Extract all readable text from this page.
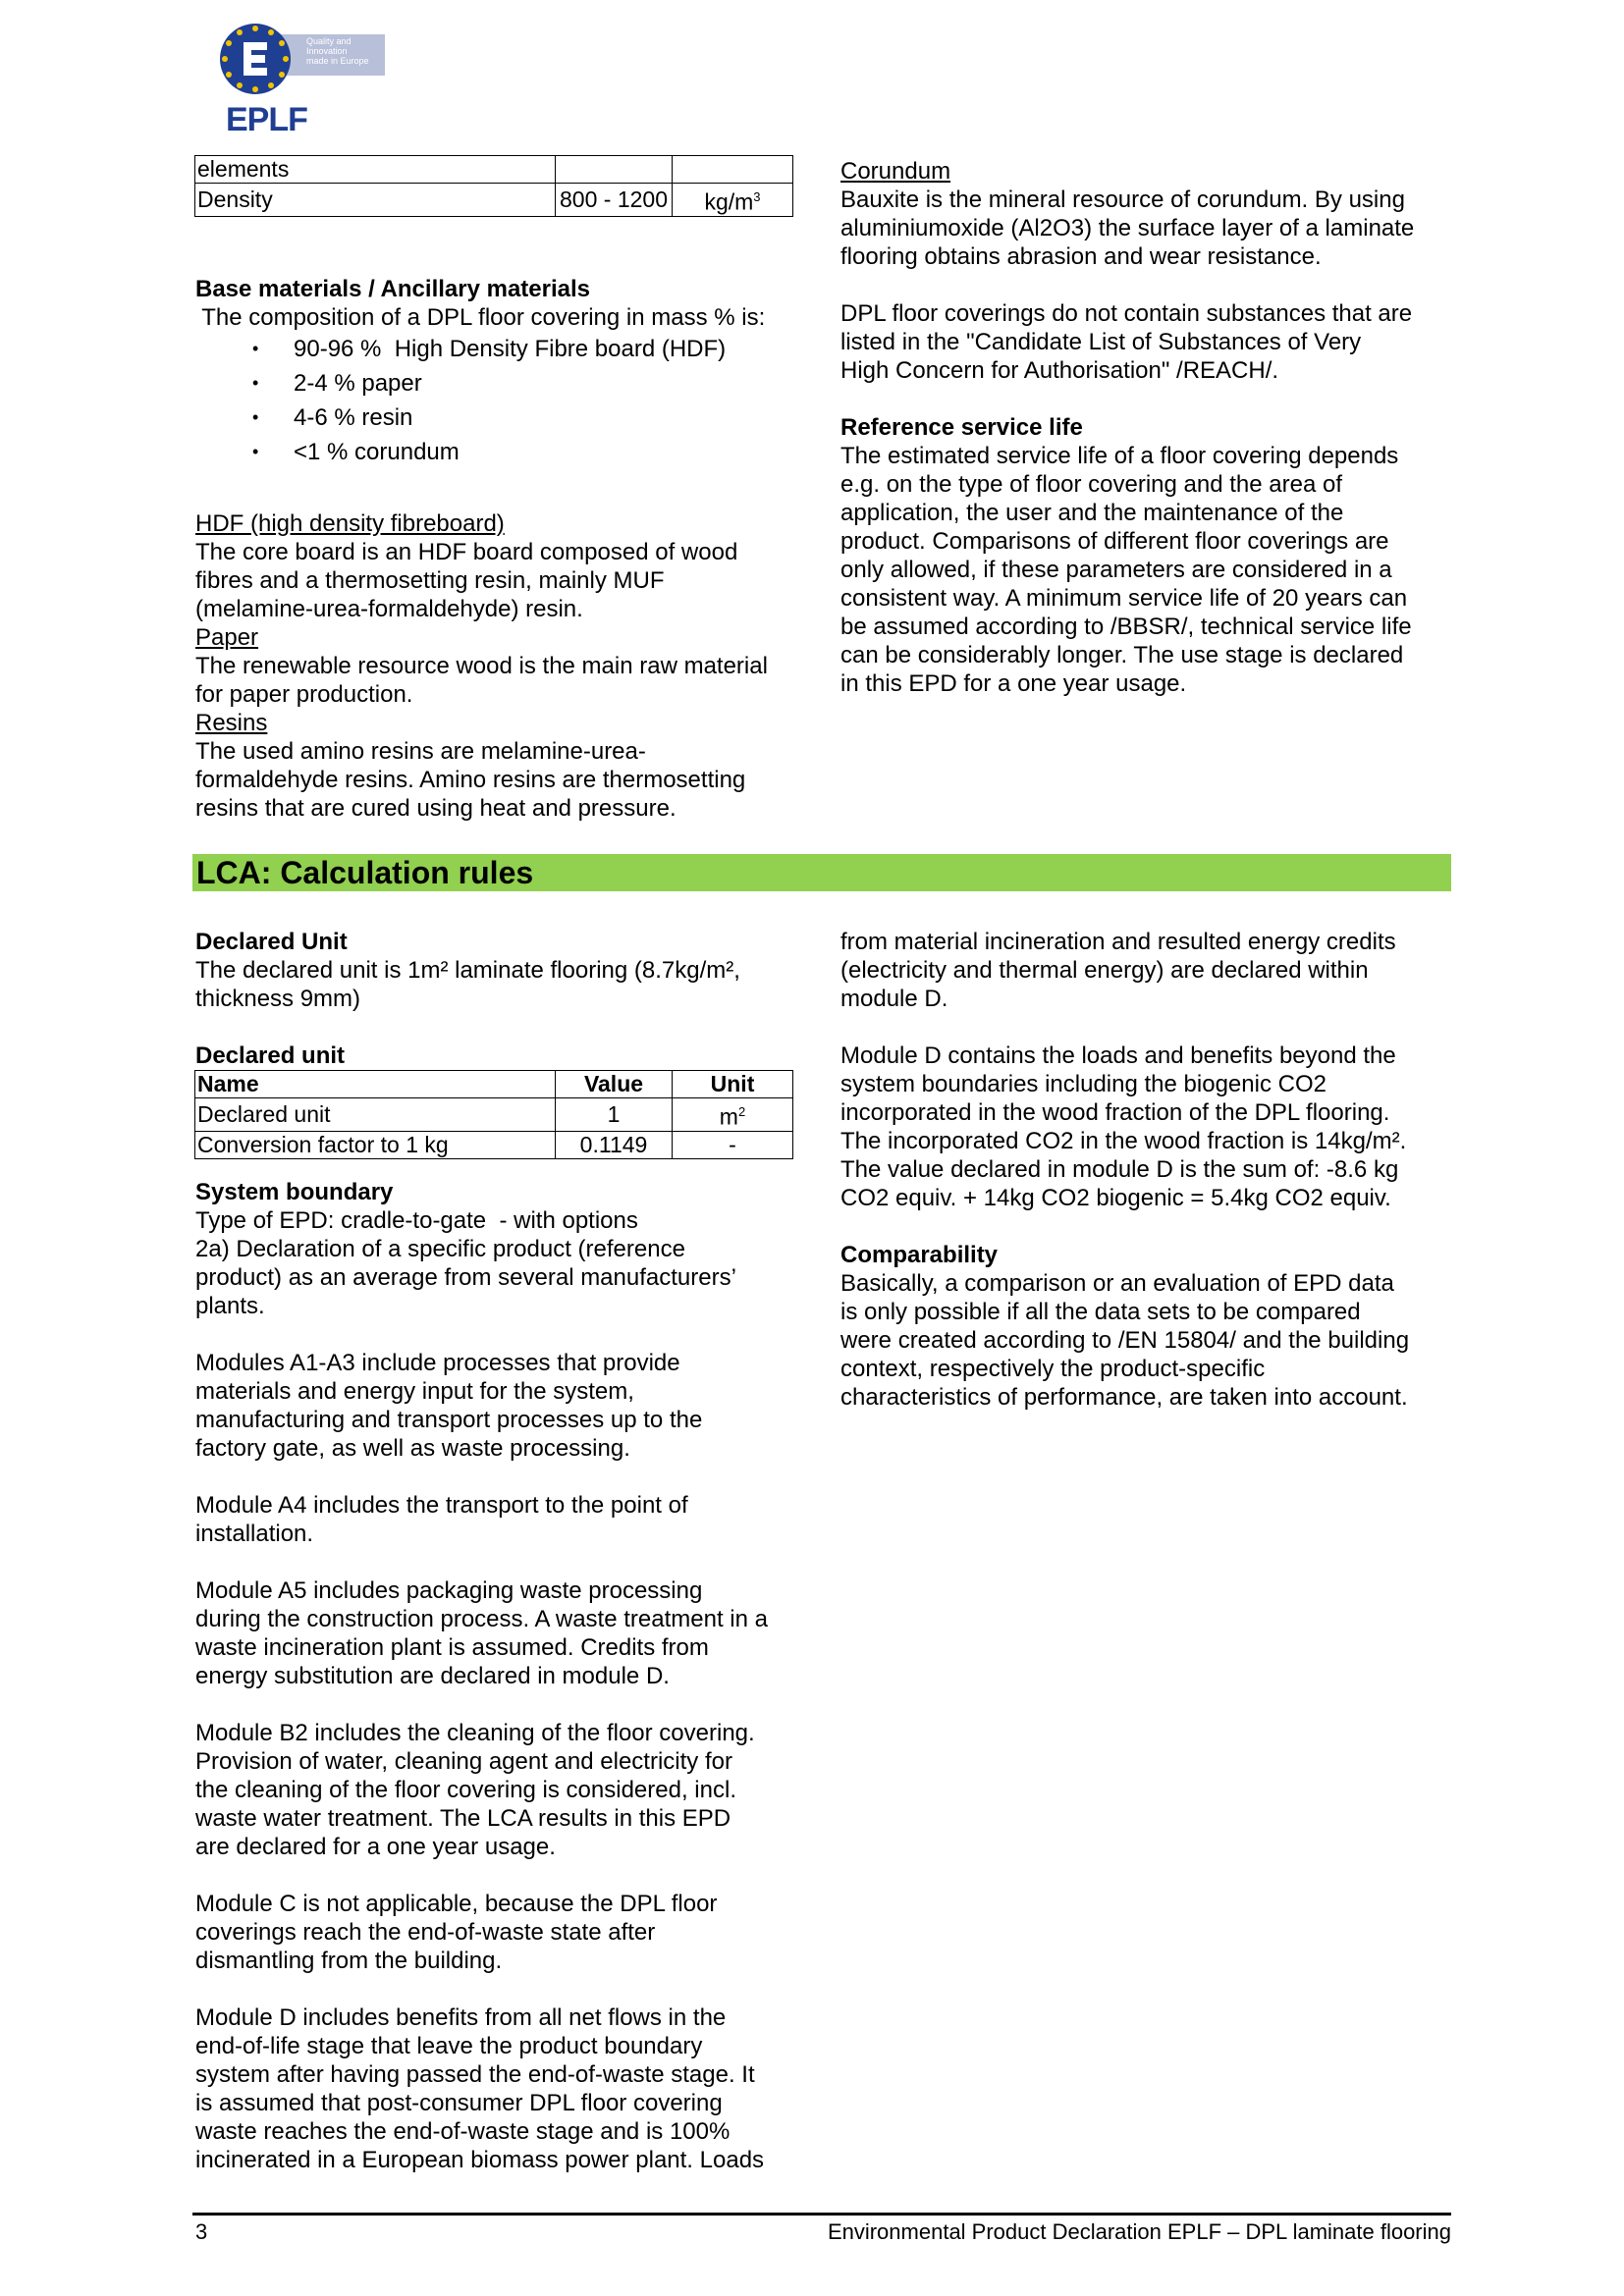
Quality and
Innovation
made in Europe
EPLF
elements		
Density	800 - 1200	$kg/m^3$

Base materials / Ancillary materials

The composition of a DPL floor covering in mass % is:

• 90-96 %  High Density Fibre board (HDF)
• 2-4 % paper
• 4-6 % resin
• <1 % corundum

HDF (high density fibreboard)

The core board is an HDF board composed of wood

fibres and a thermosetting resin, mainly MUF

(melamine-urea-formaldehyde) resin.

Paper

The renewable resource wood is the main raw material

for paper production.

Resins

The used amino resins are melamine-urea-

formaldehyde resins. Amino resins are thermosetting

resins that are cured using heat and pressure.

Corundum

Bauxite is the mineral resource of corundum. By using

aluminiumoxide (Al2O3) the surface layer of a laminate

flooring obtains abrasion and wear resistance.

DPL floor coverings do not contain substances that are

listed in the "Candidate List of Substances of Very

High Concern for Authorisation" /REACH/.

Reference service life

The estimated service life of a floor covering depends

e.g. on the type of floor covering and the area of

application, the user and the maintenance of the

product. Comparisons of different floor coverings are

only allowed, if these parameters are considered in a

consistent way. A minimum service life of 20 years can

be assumed according to /BBSR/, technical service life

can be considerably longer. The use stage is declared

in this EPD for a one year usage.

LCA: Calculation rules

Declared Unit

The declared unit is 1m² laminate flooring (8.7kg/m²,

thickness 9mm)

Declared unit

Name	Value	Unit
Declared unit	1	$m^2$
Conversion factor to 1 kg	0.1149	-

System boundary

Type of EPD: cradle-to-gate  - with options

2a) Declaration of a specific product (reference

product) as an average from several manufacturers’

plants.

Modules A1-A3 include processes that provide

materials and energy input for the system,

manufacturing and transport processes up to the

factory gate, as well as waste processing.

Module A4 includes the transport to the point of

installation.

Module A5 includes packaging waste processing

during the construction process. A waste treatment in a

waste incineration plant is assumed. Credits from

energy substitution are declared in module D.

Module B2 includes the cleaning of the floor covering.

Provision of water, cleaning agent and electricity for

the cleaning of the floor covering is considered, incl.

waste water treatment. The LCA results in this EPD

are declared for a one year usage.

Module C is not applicable, because the DPL floor

coverings reach the end-of-waste state after

dismantling from the building.

Module D includes benefits from all net flows in the

end-of-life stage that leave the product boundary

system after having passed the end-of-waste stage. It

is assumed that post-consumer DPL floor covering

waste reaches the end-of-waste stage and is 100%

incinerated in a European biomass power plant. Loads

from material incineration and resulted energy credits

(electricity and thermal energy) are declared within

module D.

Module D contains the loads and benefits beyond the

system boundaries including the biogenic CO2

incorporated in the wood fraction of the DPL flooring.

The incorporated CO2 in the wood fraction is 14kg/m².

The value declared in module D is the sum of: -8.6 kg

CO2 equiv. + 14kg CO2 biogenic = 5.4kg CO2 equiv.

Comparability

Basically, a comparison or an evaluation of EPD data

is only possible if all the data sets to be compared

were created according to /EN 15804/ and the building

context, respectively the product-specific

characteristics of performance, are taken into account.

3	Environmental Product Declaration EPLF – DPL laminate flooring
